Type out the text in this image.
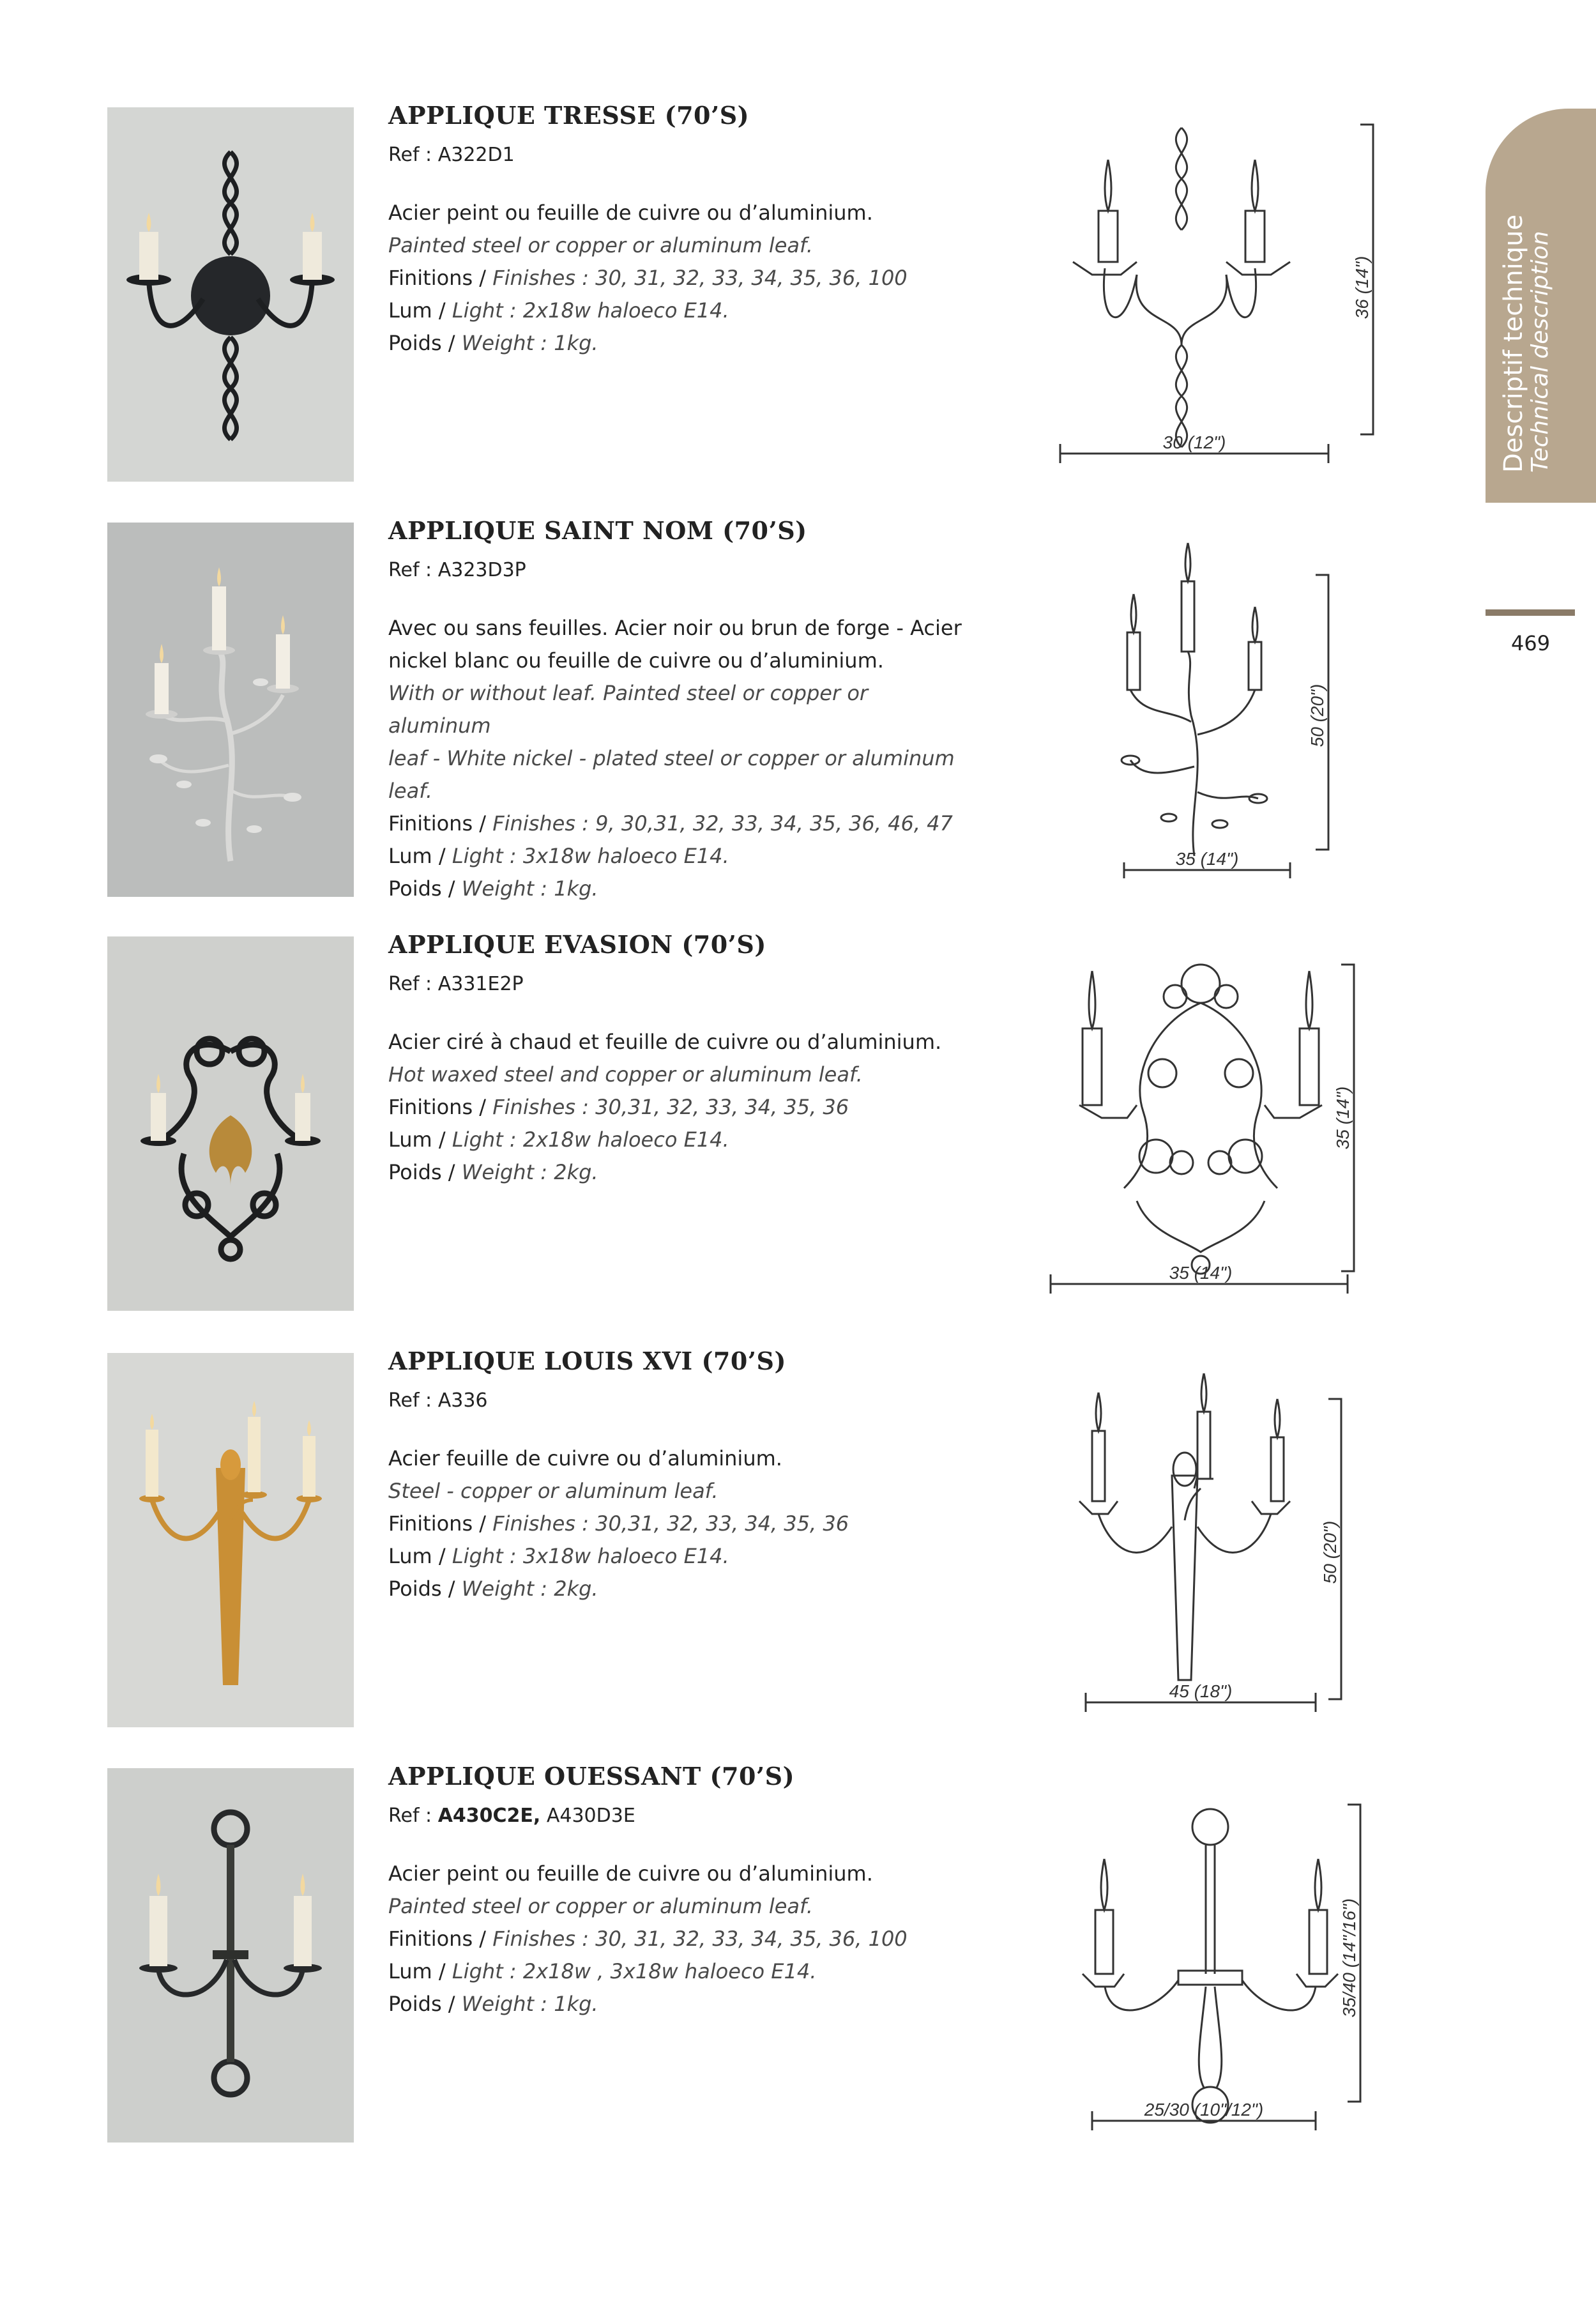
Descriptif technique
Technical description
469
APPLIQUE TRESSE (70’S)
Ref : A322D1
Acier peint ou feuille de cuivre ou d’aluminium.
Painted steel or copper or aluminum leaf.
Finitions / Finishes : 30, 31, 32, 33, 34, 35, 36, 100
Lum / Light : 2x18w haloeco E14.
Poids / Weight : 1kg.
36 (14")
30 (12")
APPLIQUE SAINT NOM (70’S)
Ref : A323D3P
Avec ou sans feuilles. Acier noir ou brun de forge - Acier
nickel blanc ou feuille de cuivre ou d’aluminium.
With or without leaf. Painted steel or copper or aluminum
leaf - White nickel - plated steel or copper or aluminum leaf.
Finitions / Finishes : 9, 30,31, 32, 33, 34, 35, 36, 46, 47
Lum / Light : 3x18w haloeco E14.
Poids / Weight : 1kg.
50 (20")
35 (14")
APPLIQUE EVASION (70’S)
Ref : A331E2P
Acier ciré à chaud et feuille de cuivre ou d’aluminium.
Hot waxed steel and copper or aluminum leaf.
Finitions / Finishes : 30,31, 32, 33, 34, 35, 36
Lum / Light : 2x18w haloeco E14.
Poids / Weight : 2kg.
35 (14")
35 (14")
APPLIQUE LOUIS XVI (70’S)
Ref : A336
Acier feuille de cuivre ou d’aluminium.
Steel - copper or aluminum leaf.
Finitions / Finishes : 30,31, 32, 33, 34, 35, 36
Lum / Light : 3x18w haloeco E14.
Poids / Weight : 2kg.
50 (20")
45 (18")
APPLIQUE OUESSANT (70’S)
Ref : A430C2E, A430D3E
Acier peint ou feuille de cuivre ou d’aluminium.
Painted steel or copper or aluminum leaf.
Finitions / Finishes : 30, 31, 32, 33, 34, 35, 36, 100
Lum / Light : 2x18w , 3x18w haloeco E14.
Poids / Weight : 1kg.	35/40 (14"/16")
25/30 (10"/12")
